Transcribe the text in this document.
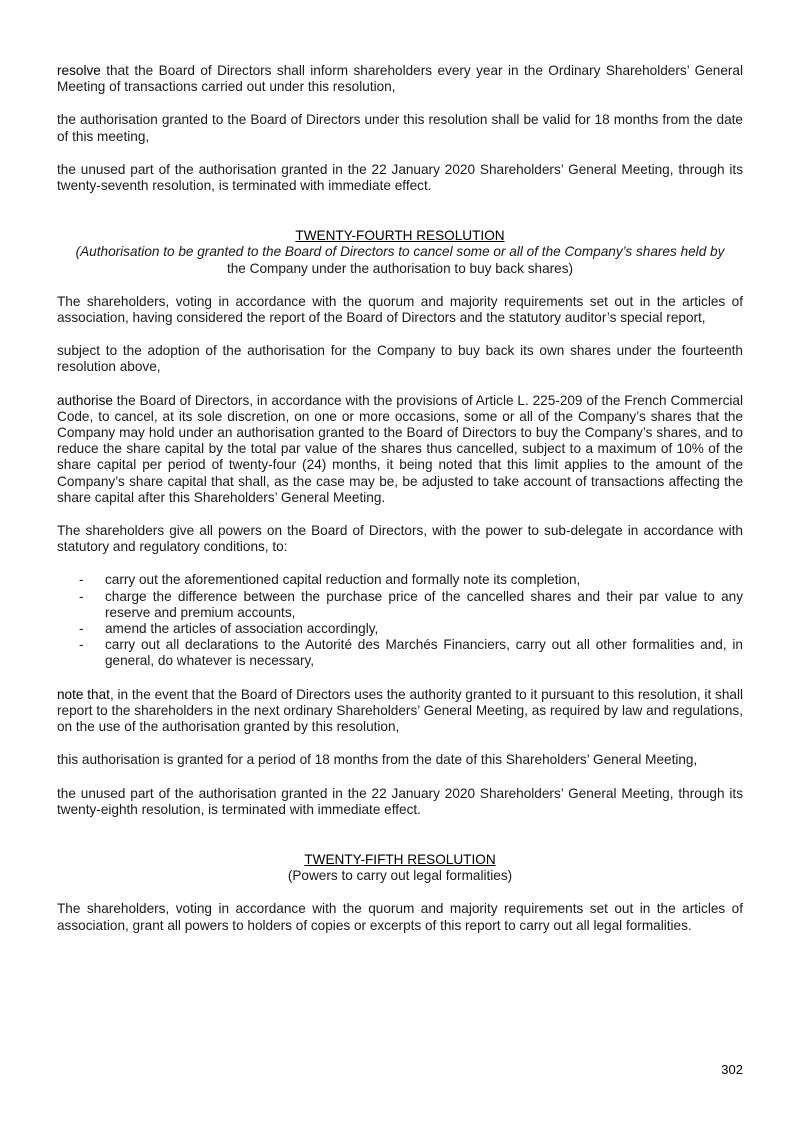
resolve that the Board of Directors shall inform shareholders every year in the Ordinary Shareholders’ General Meeting of transactions carried out under this resolution,

the authorisation granted to the Board of Directors under this resolution shall be valid for 18 months from the date of this meeting,

the unused part of the authorisation granted in the 22 January 2020 Shareholders’ General Meeting, through its twenty-seventh resolution, is terminated with immediate effect.

TWENTY-FOURTH RESOLUTION
(Authorisation to be granted to the Board of Directors to cancel some or all of the Company’s shares held by
the Company under the authorisation to buy back shares)

The shareholders, voting in accordance with the quorum and majority requirements set out in the articles of association, having considered the report of the Board of Directors and the statutory auditor’s special report,

subject to the adoption of the authorisation for the Company to buy back its own shares under the fourteenth resolution above,

authorise the Board of Directors, in accordance with the provisions of Article L. 225-209 of the French Commercial Code, to cancel, at its sole discretion, on one or more occasions, some or all of the Company’s shares that the Company may hold under an authorisation granted to the Board of Directors to buy the Company’s shares, and to reduce the share capital by the total par value of the shares thus cancelled, subject to a maximum of 10% of the share capital per period of twenty-four (24) months, it being noted that this limit applies to the amount of the Company’s share capital that shall, as the case may be, be adjusted to take account of transactions affecting the share capital after this Shareholders’ General Meeting.

The shareholders give all powers on the Board of Directors, with the power to sub-delegate in accordance with statutory and regulatory conditions, to:

- carry out the aforementioned capital reduction and formally note its completion,
- charge the difference between the purchase price of the cancelled shares and their par value to any reserve and premium accounts,
- amend the articles of association accordingly,
- carry out all declarations to the Autorité des Marchés Financiers, carry out all other formalities and, in general, do whatever is necessary,

note that, in the event that the Board of Directors uses the authority granted to it pursuant to this resolution, it shall report to the shareholders in the next ordinary Shareholders’ General Meeting, as required by law and regulations, on the use of the authorisation granted by this resolution,

this authorisation is granted for a period of 18 months from the date of this Shareholders’ General Meeting,

the unused part of the authorisation granted in the 22 January 2020 Shareholders’ General Meeting, through its twenty-eighth resolution, is terminated with immediate effect.

TWENTY-FIFTH RESOLUTION
(Powers to carry out legal formalities)

The shareholders, voting in accordance with the quorum and majority requirements set out in the articles of association, grant all powers to holders of copies or excerpts of this report to carry out all legal formalities.

302
